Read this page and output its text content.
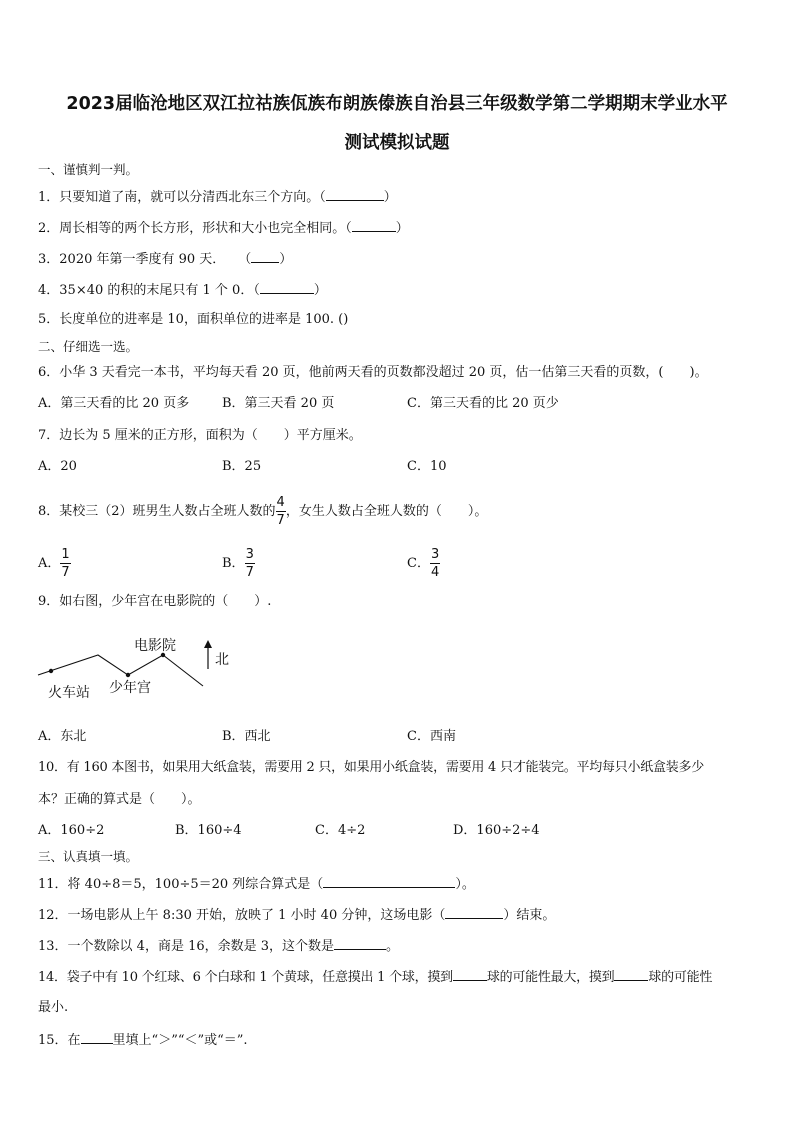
2023届临沧地区双江拉祜族佤族布朗族傣族自治县三年级数学第二学期期末学业水平
测试模拟试题
一、谨慎判一判。
1．只要知道了南，就可以分清西北东三个方向。（	）
2．周长相等的两个长方形，形状和大小也完全相同。（	）
3．2020 年第一季度有 90 天．　　（ ）
4．35×40 的积的末尾只有 1 个 0．（	）
5．长度单位的进率是 10，面积单位的进率是 100. ()
二、仔细选一选。
6．小华 3 天看完一本书，平均每天看 20 页，他前两天看的页数都没超过 20 页，估一估第三天看的页数，(　　)。
A．第三天看的比 20 页多	B．第三天看 20 页	C．第三天看的比 20 页少
7．边长为 5 厘米的正方形，面积为（　　）平方厘米。
A．20	B．25	C．10
8．某校三（2）班男生人数占全班人数的 $\frac{4}{7}$ ，女生人数占全班人数的（　　）。
A． $\frac{1}{7}$	B． $\frac{3}{7}$	C． $\frac{3}{4}$
9．如右图，少年宫在电影院的（　　）.
电影院
火车站 少年宫
北
A．东北	B．西北	C．西南
10．有 160 本图书，如果用大纸盒装，需要用 2 只，如果用小纸盒装，需要用 4 只才能装完。平均每只小纸盒装多少
本？正确的算式是（　　）。
A．160÷2	B．160÷4	C．4÷2	D．160÷2÷4
三、认真填一填。
11．将 40÷8＝5，100÷5＝20 列综合算式是（	）。
12．一场电影从上午 8:30 开始，放映了 1 小时 40 分钟，这场电影（	）结束。
13．一个数除以 4，商是 16，余数是 3，这个数是	。
14．袋子中有 10 个红球、6 个白球和 1 个黄球，任意摸出 1 个球，摸到	球的可能性最大，摸到	球的可能性
最小.
15．在 里填上“＞”“＜”或“＝”.
